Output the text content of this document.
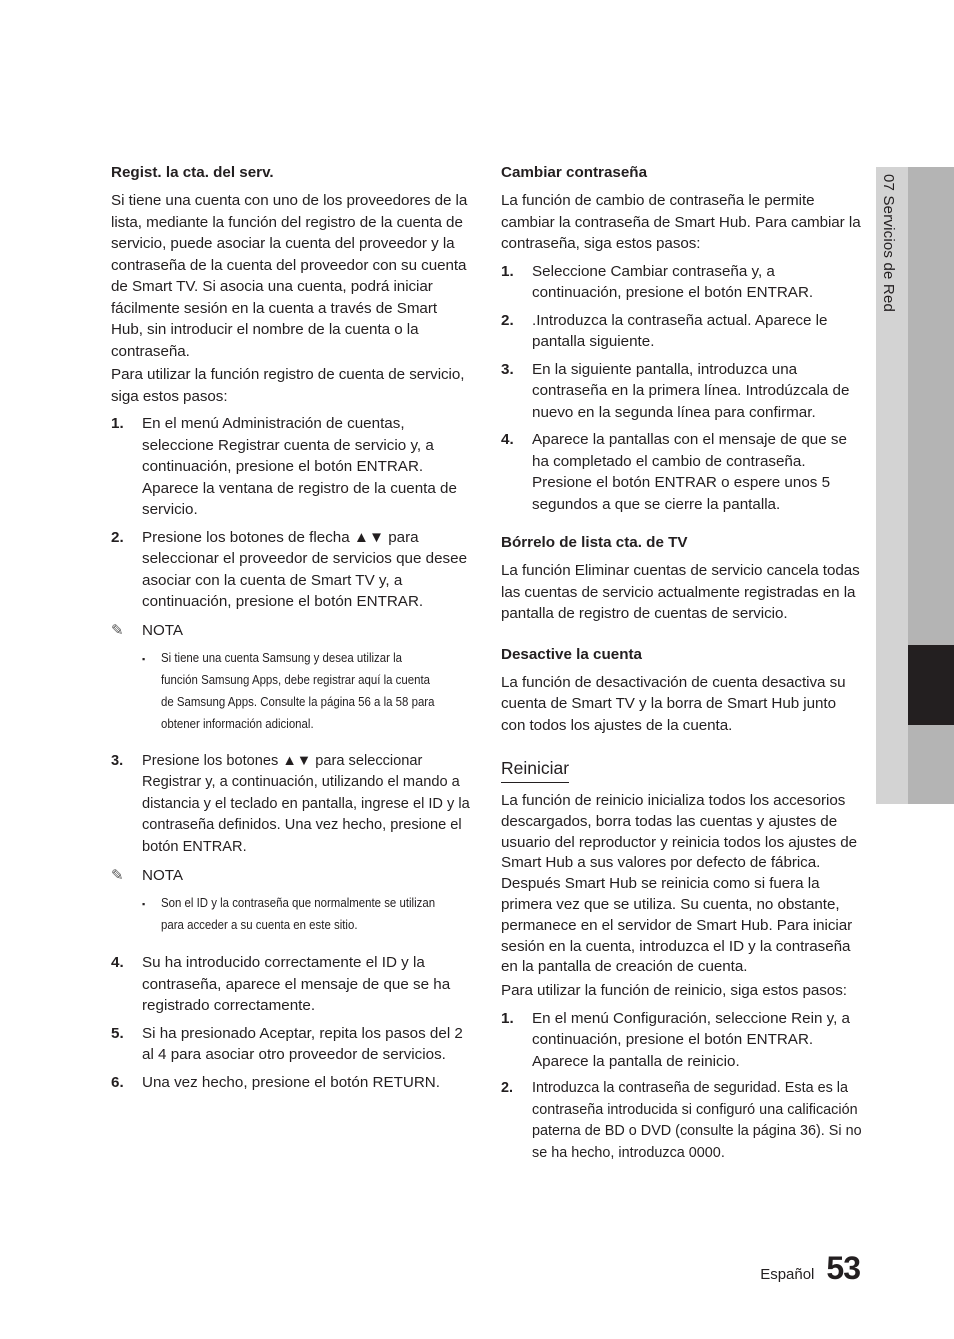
07 Servicios de Red
Regist. la cta. del serv.

Si tiene una cuenta con uno de los proveedores de la lista, mediante la función del registro de la cuenta de servicio, puede asociar la cuenta del proveedor y la contraseña de la cuenta del proveedor con su cuenta de Smart TV. Si asocia una cuenta, podrá iniciar fácilmente sesión en la cuenta a través de Smart Hub, sin introducir el nombre de la cuenta o la contraseña.

Para utilizar la función registro de cuenta de servicio, siga estos pasos:

1.	En el menú Administración de cuentas, seleccione Registrar cuenta de servicio y, a continuación, presione el botón ENTRAR. Aparece la ventana de registro de la cuenta de servicio.
2.	Presione los botones de flecha ▲▼ para seleccionar el proveedor de servicios que desee asociar con la cuenta de Smart TV y, a continuación, presione el botón ENTRAR.
✎	NOTA
▪	Si tiene una cuenta Samsung y desea utilizar la función Samsung Apps, debe registrar aquí la cuenta de Samsung Apps. Consulte la página 56 a la 58 para obtener información adicional.
3.	Presione los botones ▲▼ para seleccionar Registrar y, a continuación, utilizando el mando a distancia y el teclado en pantalla, ingrese el ID y la contraseña definidos. Una vez hecho, presione el botón ENTRAR.
✎	NOTA
▪	Son el ID y la contraseña que normalmente se utilizan para acceder a su cuenta en este sitio.
4.	Su ha introducido correctamente el ID y la contraseña, aparece el mensaje de que se ha registrado correctamente.
5.	Si ha presionado Aceptar, repita los pasos del 2 al 4 para asociar otro proveedor de servicios.
6.	Una vez hecho, presione el botón RETURN.
Cambiar contraseña

La función de cambio de contraseña le permite cambiar la contraseña de Smart Hub. Para cambiar la contraseña, siga estos pasos:

1.	Seleccione Cambiar contraseña y, a continuación, presione el botón ENTRAR.
2.	.Introduzca la contraseña actual. Aparece le pantalla siguiente.
3.	En la siguiente pantalla, introduzca una contraseña en la primera línea. Introdúzcala de nuevo en la segunda línea para confirmar.
4.	Aparece la pantallas con el mensaje de que se ha completado el cambio de contraseña. Presione el botón ENTRAR o espere unos 5 segundos a que se cierre la pantalla.
Bórrelo de lista cta. de TV

La función Eliminar cuentas de servicio cancela todas las cuentas de servicio actualmente registradas en la pantalla de registro de cuentas de servicio.

Desactive la cuenta

La función de desactivación de cuenta desactiva su cuenta de Smart TV y la borra de Smart Hub junto con todos los ajustes de la cuenta.

Reiniciar

La función de reinicio inicializa todos los accesorios descargados, borra todas las cuentas y ajustes de usuario del reproductor y reinicia todos los ajustes de Smart Hub a sus valores por defecto de fábrica. Después Smart Hub se reinicia como si fuera la primera vez que se utiliza. Su cuenta, no obstante, permanece en el servidor de Smart Hub. Para iniciar sesión en la cuenta, introduzca el ID y la contraseña en la pantalla de creación de cuenta.

Para utilizar la función de reinicio, siga estos pasos:

1.	En el menú Configuración, seleccione Rein y, a continuación, presione el botón ENTRAR. Aparece la pantalla de reinicio.
2.	Introduzca la contraseña de seguridad. Esta es la contraseña introducida si configuró una calificación paterna de BD o DVD (consulte la página 36). Si no se ha hecho, introduzca 0000.
Español 53
